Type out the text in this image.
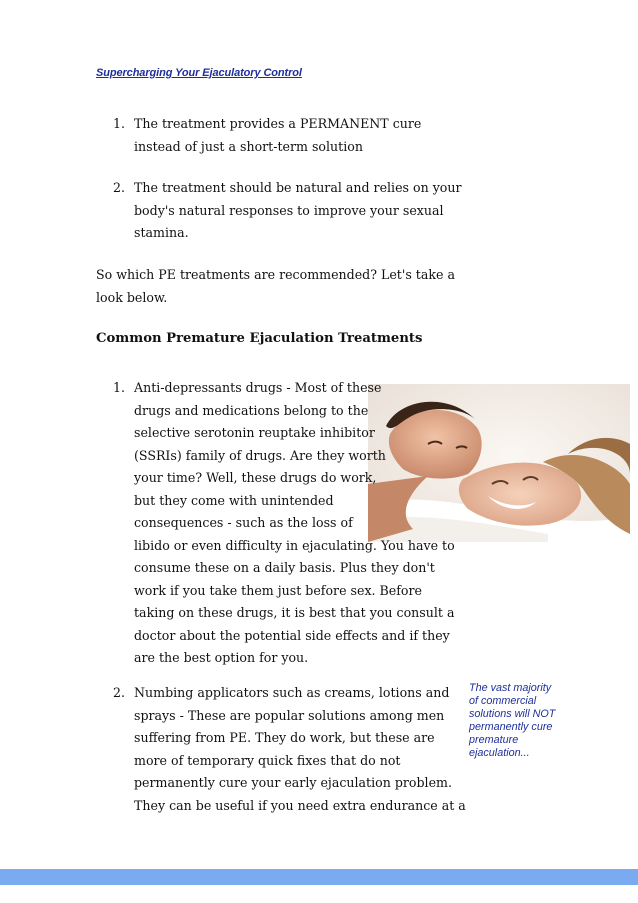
Supercharging Your Ejaculatory Control
1. The treatment provides a PERMANENT cure
instead of just a short-term solution
2. The treatment should be natural and relies on your
body's natural responses to improve your sexual
stamina.
So which PE treatments are recommended? Let's take a
look below.
Common Premature Ejaculation Treatments
1. Anti-depressants drugs - Most of these
drugs and medications belong to the
selective serotonin reuptake inhibitor
(SSRIs) family of drugs. Are they worth
your time? Well, these drugs do work,
but they come with unintended
consequences - such as the loss of
libido or even difficulty in ejaculating. You have to
consume these on a daily basis. Plus they don't
work if you take them just before sex. Before
taking on these drugs, it is best that you consult a
doctor about the potential side effects and if they
are the best option for you.
2. Numbing applicators such as creams, lotions and
sprays - These are popular solutions among men
suffering from PE. They do work, but these are
more of temporary quick fixes that do not
permanently cure your early ejaculation problem.
They can be useful if you need extra endurance at a
The vast majority
of commercial
solutions will NOT
permanently cure
premature
ejaculation...
